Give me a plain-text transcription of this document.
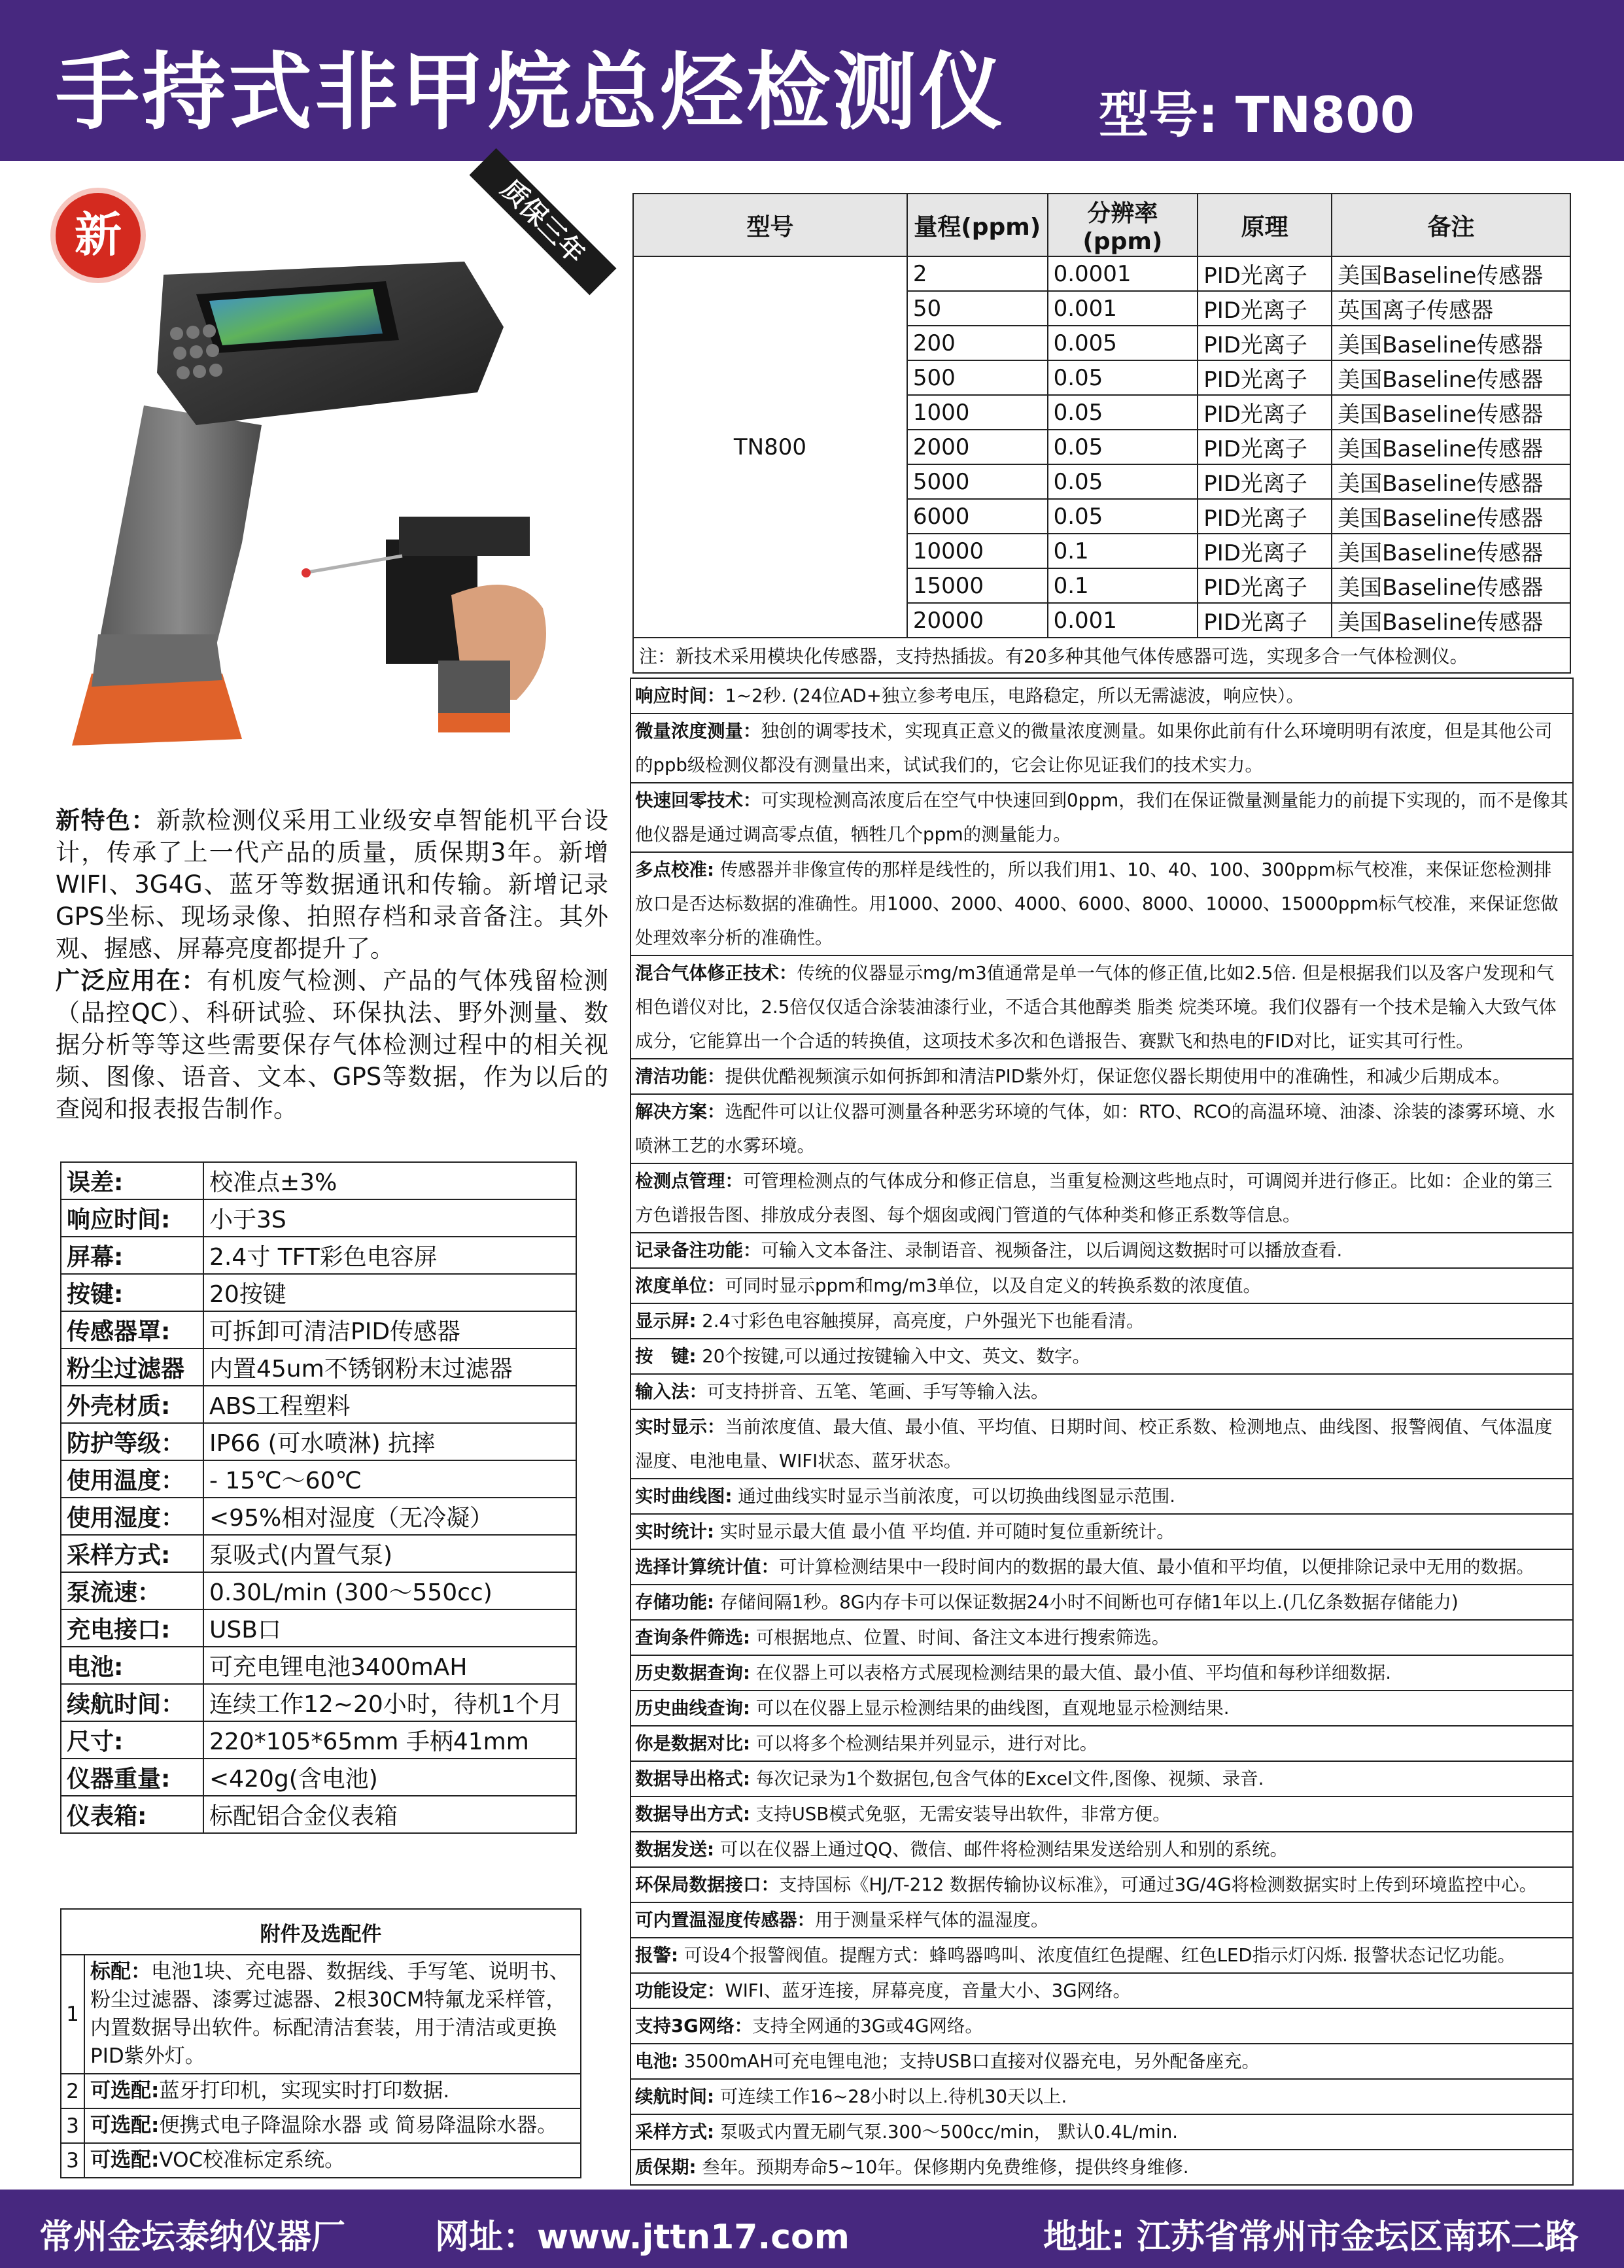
手持式非甲烷总烃检测仪 型号: TN800
新	质保三年

新特色：新款检测仪采用工业级安卓智能机平台设计，传承了上一代产品的质量，质保期3年。新增WIFI、3G4G、蓝牙等数据通讯和传输。新增记录GPS坐标、现场录像、拍照存档和录音备注。其外观、握感、屏幕亮度都提升了。

广泛应用在：有机废气检测、产品的气体残留检测（品控QC）、科研试验、环保执法、野外测量、数据分析等等这些需要保存气体检测过程中的相关视频、图像、语音、文本、GPS等数据，作为以后的查阅和报表报告制作。

误差:	校准点±3%
响应时间:	小于3S
屏幕:	2.4寸 TFT彩色电容屏
按键:	20按键
传感器罩:	可拆卸可清洁PID传感器
粉尘过滤器	内置45um不锈钢粉末过滤器
外壳材质:	ABS工程塑料
防护等级：	IP66 (可水喷淋) 抗摔
使用温度：	- 15℃～60℃
使用湿度：	<95%相对湿度（无冷凝）
采样方式:	泵吸式(内置气泵)
泵流速：	0.30L/min (300～550cc)
充电接口:	USB口
电池:	可充电锂电池3400mAH
续航时间：	连续工作12~20小时，待机1个月
尺寸:	220*105*65mm 手柄41mm
仪器重量:	<420g(含电池)
仪表箱:	标配铝合金仪表箱
附件及选配件	
1	标配：电池1块、充电器、数据线、手写笔、说明书、粉尘过滤器、漆雾过滤器、2根30CM特氟龙采样管，内置数据导出软件。标配清洁套装，用于清洁或更换PID紫外灯。
2	可选配:蓝牙打印机，实现实时打印数据.
3	可选配:便携式电子降温除水器 或 简易降温除水器。
3	可选配:VOC校准标定系统。
型号	量程(ppm)	分辨率(ppm)	原理	备注
TN800	2	0.0001	PID光离子	美国Baseline传感器
	50	0.001	PID光离子	英国离子传感器
	200	0.005	PID光离子	美国Baseline传感器
	500	0.05	PID光离子	美国Baseline传感器
	1000	0.05	PID光离子	美国Baseline传感器
	2000	0.05	PID光离子	美国Baseline传感器
	5000	0.05	PID光离子	美国Baseline传感器
	6000	0.05	PID光离子	美国Baseline传感器
	10000	0.1	PID光离子	美国Baseline传感器
	15000	0.1	PID光离子	美国Baseline传感器
	20000	0.001	PID光离子	美国Baseline传感器
注：新技术采用模块化传感器，支持热插拔。有20多种其他气体传感器可选，实现多合一气体检测仪。				
响应时间：1~2秒. (24位AD+独立参考电压，电路稳定，所以无需滤波，响应快）。
微量浓度测量：独创的调零技术，实现真正意义的微量浓度测量。如果你此前有什么环境明明有浓度，但是其他公司的ppb级检测仪都没有测量出来，试试我们的，它会让你见证我们的技术实力。
快速回零技术：可实现检测高浓度后在空气中快速回到0ppm，我们在保证微量测量能力的前提下实现的，而不是像其他仪器是通过调高零点值，牺牲几个ppm的测量能力。
多点校准: 传感器并非像宣传的那样是线性的，所以我们用1、10、40、100、300ppm标气校准，来保证您检测排放口是否达标数据的准确性。用1000、2000、4000、6000、8000、10000、15000ppm标气校准，来保证您做处理效率分析的准确性。
混合气体修正技术：传统的仪器显示mg/m3值通常是单一气体的修正值,比如2.5倍. 但是根据我们以及客户发现和气相色谱仪对比，2.5倍仅仅适合涂装油漆行业，不适合其他醇类 脂类 烷类环境。我们仪器有一个技术是输入大致气体成分，它能算出一个合适的转换值，这项技术多次和色谱报告、赛默飞和热电的FID对比，证实其可行性。
清洁功能：提供优酷视频演示如何拆卸和清洁PID紫外灯，保证您仪器长期使用中的准确性，和减少后期成本。
解决方案：选配件可以让仪器可测量各种恶劣环境的气体，如：RTO、RCO的高温环境、油漆、涂装的漆雾环境、水喷淋工艺的水雾环境。
检测点管理：可管理检测点的气体成分和修正信息，当重复检测这些地点时，可调阅并进行修正。比如：企业的第三方色谱报告图、排放成分表图、每个烟囱或阀门管道的气体种类和修正系数等信息。
记录备注功能：可输入文本备注、录制语音、视频备注，以后调阅这数据时可以播放查看.
浓度单位：可同时显示ppm和mg/m3单位，以及自定义的转换系数的浓度值。
显示屏: 2.4寸彩色电容触摸屏，高亮度，户外强光下也能看清。
按　键: 20个按键,可以通过按键输入中文、英文、数字。
输入法：可支持拼音、五笔、笔画、手写等输入法。
实时显示：当前浓度值、最大值、最小值、平均值、日期时间、校正系数、检测地点、曲线图、报警阀值、气体温度湿度、电池电量、WIFI状态、蓝牙状态。
实时曲线图: 通过曲线实时显示当前浓度，可以切换曲线图显示范围.
实时统计: 实时显示最大值 最小值 平均值. 并可随时复位重新统计。
选择计算统计值：可计算检测结果中一段时间内的数据的最大值、最小值和平均值，以便排除记录中无用的数据。
存储功能: 存储间隔1秒。8G内存卡可以保证数据24小时不间断也可存储1年以上.(几亿条数据存储能力)
查询条件筛选: 可根据地点、位置、时间、备注文本进行搜索筛选。
历史数据查询: 在仪器上可以表格方式展现检测结果的最大值、最小值、平均值和每秒详细数据.
历史曲线查询: 可以在仪器上显示检测结果的曲线图，直观地显示检测结果.
你是数据对比: 可以将多个检测结果并列显示，进行对比。
数据导出格式: 每次记录为1个数据包,包含气体的Excel文件,图像、视频、录音.
数据导出方式: 支持USB模式免驱，无需安装导出软件，非常方便。
数据发送: 可以在仪器上通过QQ、微信、邮件将检测结果发送给别人和别的系统。
环保局数据接口：支持国标《HJ/T-212 数据传输协议标准》，可通过3G/4G将检测数据实时上传到环境监控中心。
可内置温湿度传感器：用于测量采样气体的温湿度。
报警: 可设4个报警阀值。提醒方式：蜂鸣器鸣叫、浓度值红色提醒、红色LED指示灯闪烁. 报警状态记忆功能。
功能设定：WIFI、蓝牙连接，屏幕亮度，音量大小、3G网络。
支持3G网络：支持全网通的3G或4G网络。
电池: 3500mAH可充电锂电池；支持USB口直接对仪器充电，另外配备座充。
续航时间: 可连续工作16~28小时以上.待机30天以上.
采样方式: 泵吸式内置无刷气泵.300～500cc/min， 默认0.4L/min.
质保期: 叁年。预期寿命5~10年。保修期内免费维修，提供终身维修.
常州金坛泰纳仪器厂	网址：www.jttn17.com	地址: 江苏省常州市金坛区南环二路
